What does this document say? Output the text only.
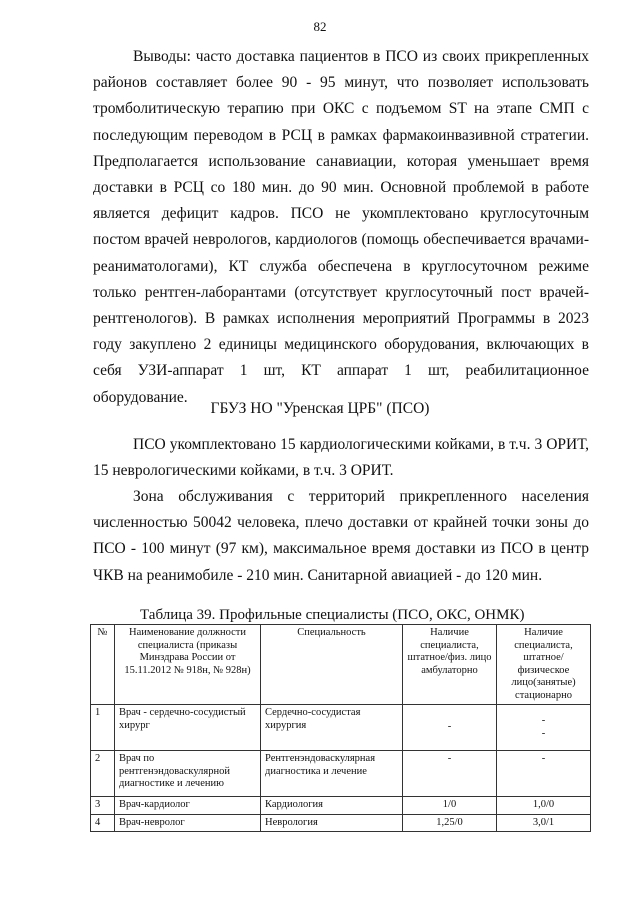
82

Выводы: часто доставка пациентов в ПСО из своих прикрепленных районов составляет более 90 - 95 минут, что позволяет использовать тромболитическую терапию при ОКС с подъемом ST на этапе СМП с последующим переводом в РСЦ в рамках фармакоинвазивной стратегии. Предполагается использование санавиации, которая уменьшает время доставки в РСЦ со 180 мин. до 90 мин. Основной проблемой в работе является дефицит кадров. ПСО не укомплектовано круглосуточным постом врачей неврологов, кардиологов (помощь обеспечивается врачами-реаниматологами), КТ служба обеспечена в круглосуточном режиме только рентген-лаборантами (отсутствует круглосуточный пост врачей-рентгенологов). В рамках исполнения мероприятий Программы в 2023 году закуплено 2 единицы медицинского оборудования, включающих в себя УЗИ-аппарат 1 шт, КТ аппарат 1 шт, реабилитационное оборудование.

ГБУЗ НО "Уренская ЦРБ" (ПСО)

ПСО укомплектовано 15 кардиологическими койками, в т.ч. 3 ОРИТ, 15 неврологическими койками, в т.ч. 3 ОРИТ.

Зона обслуживания с территорий прикрепленного населения численностью 50042 человека, плечо доставки от крайней точки зоны до ПСО - 100 минут (97 км), максимальное время доставки из ПСО в центр ЧКВ на реанимобиле - 210 мин. Санитарной авиацией - до 120 мин.

Таблица 39. Профильные специалисты (ПСО, ОКС, ОНМК)
№	Наименование должности специалиста (приказы Минздрава России от 15.11.2012 № 918н, № 928н)	Специальность	Наличие специалиста, штатное/физ. лицо амбулаторно	Наличие специалиста, штатное/физическое лицо(занятые) стационарно
1	Врач - сердечно-сосудистый хирург	Сердечно-сосудистая хирургия	-	-
-

2	Врач по рентгенэндоваскулярной диагностике и лечению	Рентгенэндоваскулярная диагностика и лечение	-	-
3	Врач-кардиолог	Кардиология	1/0	1,0/0
4	Врач-невролог	Неврология	1,25/0	3,0/1
